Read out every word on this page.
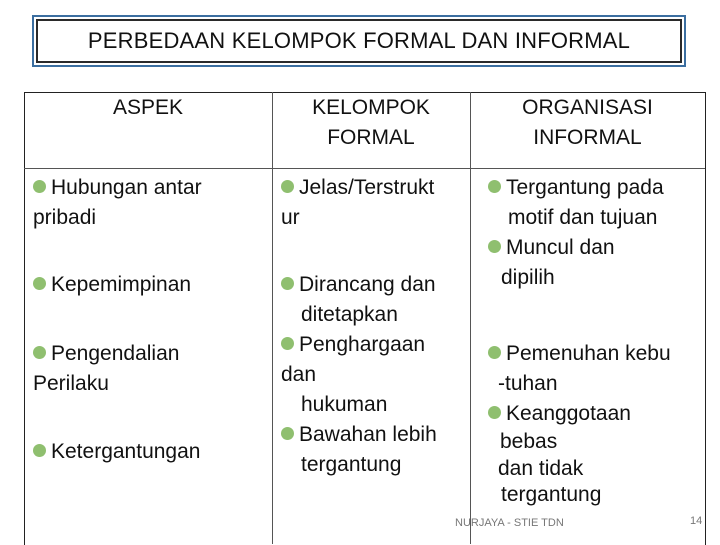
PERBEDAAN KELOMPOK FORMAL DAN INFORMAL
ASPEK	KELOMPOK
FORMAL
ORGANISASI
INFORMAL
Hubungan antar
pribadi
Kepemimpinan
Pengendalian
Perilaku
Ketergantungan
Jelas/Terstrukt
ur
Dirancang dan
ditetapkan
Penghargaan
dan
hukuman
Bawahan lebih
tergantung
Tergantung pada
motif dan tujuan
Muncul dan
dipilih
Pemenuhan kebu
-tuhan
Keanggotaan
bebas
dan tidak
tergantung
NURJAYA - STIE TDN	14
